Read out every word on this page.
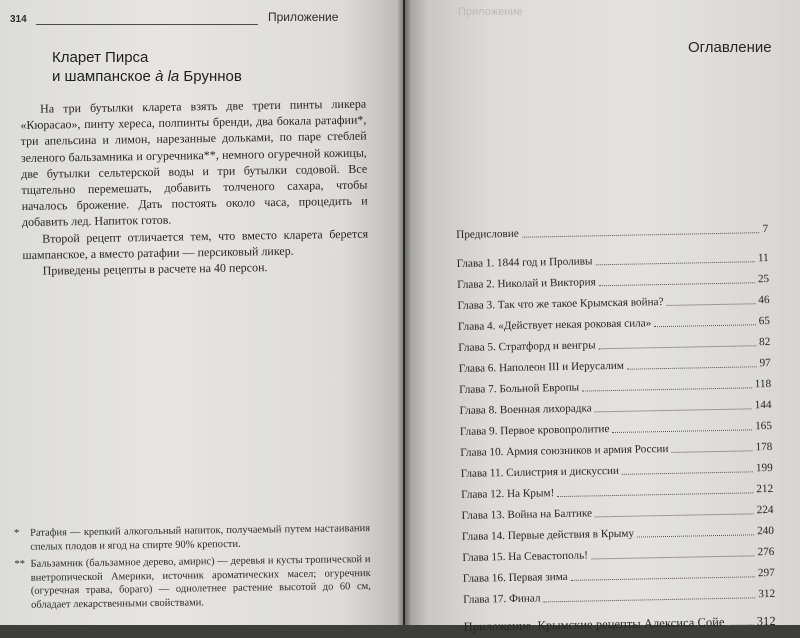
314	Приложение
Кларет Пирса
и шампанское à la Бруннов

На три бутылки кларета взять две трети пинты ликера «Кюрасао», пинту хереса, полпинты бренди, два бокала ратафии*, три апельсина и лимон, нарезанные дольками, по паре стеблей зеленого бальзамника и огуречника**, немного огуречной кожицы, две бутылки сельтерской воды и три бутылки содовой. Все тщательно перемешать, добавить толченого сахара, чтобы началось брожение. Дать постоять около часа, процедить и добавить лед. Напиток готов.

Второй рецепт отличается тем, что вместо кларета берется шампанское, а вместо ратафии — персиковый ликер.

Приведены рецепты в расчете на 40 персон.

* Ратафия — крепкий алкогольный напиток, получаемый путем настаивания спелых плодов и ягод на спирте 90% крепости.
** Бальзамник (бальзамное дерево, амирис) — деревья и кусты тропической и внетропической Америки, источник ароматических масел; огуречник (огуречная трава, бораго) — однолетнее растение высотой до 60 см, обладает лекарственными свойствами.
Приложение
Оглавление
Предисловие	7
Глава 1. 1844 год и Проливы	11
Глава 2. Николай и Виктория	25
Глава 3. Так что же такое Крымская война?	46
Глава 4. «Действует некая роковая сила»	65
Глава 5. Стратфорд и венгры	82
Глава 6. Наполеон III и Иерусалим	97
Глава 7. Больной Европы	118
Глава 8. Военная лихорадка	144
Глава 9. Первое кровопролитие	165
Глава 10. Армия союзников и армия России	178
Глава 11. Силистрия и дискуссии	199
Глава 12. На Крым!	212
Глава 13. Война на Балтике	224
Глава 14. Первые действия в Крыму	240
Глава 15. На Севастополь!	276
Глава 16. Первая зима	297
Глава 17. Финал	312
Приложение. Крымские рецепты Алексиса Сойе	312
